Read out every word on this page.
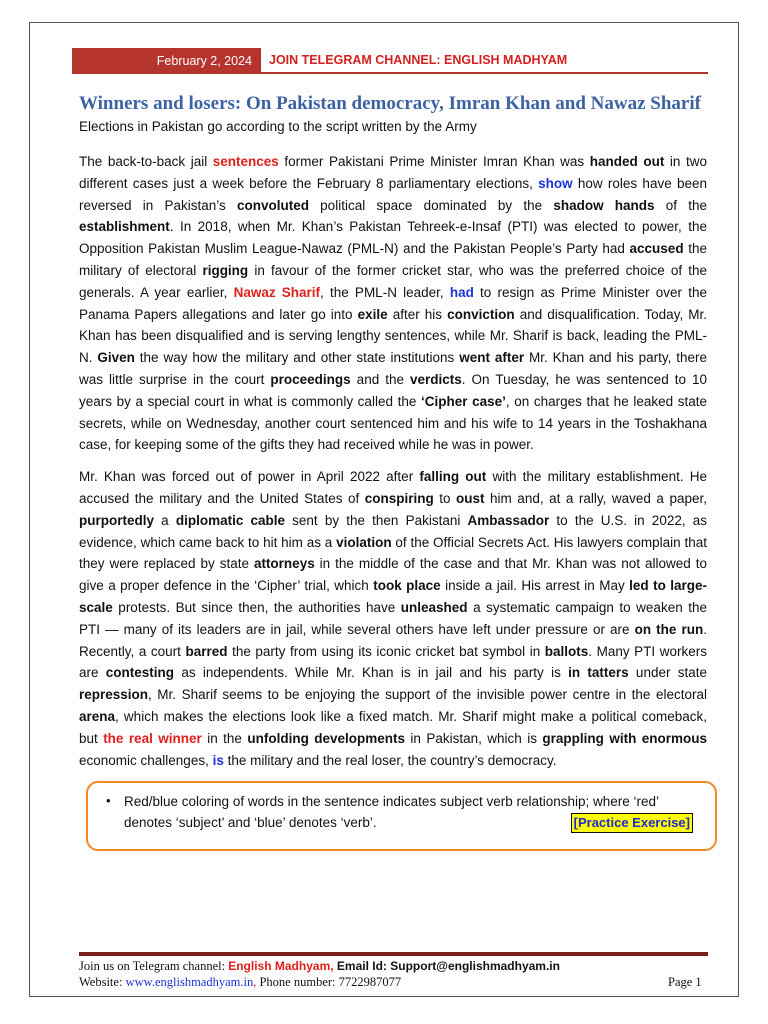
February 2, 2024	JOIN TELEGRAM CHANNEL: ENGLISH MADHYAM
Winners and losers: On Pakistan democracy, Imran Khan and Nawaz Sharif
Elections in Pakistan go according to the script written by the Army

The back-to-back jail sentences former Pakistani Prime Minister Imran Khan was handed out in two different cases just a week before the February 8 parliamentary elections, show how roles have been reversed in Pakistan’s convoluted political space dominated by the shadow hands of the establishment. In 2018, when Mr. Khan’s Pakistan Tehreek-e-Insaf (PTI) was elected to power, the Opposition Pakistan Muslim League-Nawaz (PML-N) and the Pakistan People’s Party had accused the military of electoral rigging in favour of the former cricket star, who was the preferred choice of the generals. A year earlier, Nawaz Sharif, the PML-N leader, had to resign as Prime Minister over the Panama Papers allegations and later go into exile after his conviction and disqualification. Today, Mr. Khan has been disqualified and is serving lengthy sentences, while Mr. Sharif is back, leading the PML-N. Given the way how the military and other state institutions went after Mr. Khan and his party, there was little surprise in the court proceedings and the verdicts. On Tuesday, he was sentenced to 10 years by a special court in what is commonly called the ‘Cipher case’, on charges that he leaked state secrets, while on Wednesday, another court sentenced him and his wife to 14 years in the Toshakhana case, for keeping some of the gifts they had received while he was in power.

Mr. Khan was forced out of power in April 2022 after falling out with the military establishment. He accused the military and the United States of conspiring to oust him and, at a rally, waved a paper, purportedly a diplomatic cable sent by the then Pakistani Ambassador to the U.S. in 2022, as evidence, which came back to hit him as a violation of the Official Secrets Act. His lawyers complain that they were replaced by state attorneys in the middle of the case and that Mr. Khan was not allowed to give a proper defence in the ‘Cipher’ trial, which took place inside a jail. His arrest in May led to large-scale protests. But since then, the authorities have unleashed a systematic campaign to weaken the PTI — many of its leaders are in jail, while several others have left under pressure or are on the run. Recently, a court barred the party from using its iconic cricket bat symbol in ballots. Many PTI workers are contesting as independents. While Mr. Khan is in jail and his party is in tatters under state repression, Mr. Sharif seems to be enjoying the support of the invisible power centre in the electoral arena, which makes the elections look like a fixed match. Mr. Sharif might make a political comeback, but the real winner in the unfolding developments in Pakistan, which is grappling with enormous economic challenges, is the military and the real loser, the country’s democracy.

• Red/blue coloring of words in the sentence indicates subject verb relationship; where ‘red’ denotes ‘subject’ and ‘blue’ denotes ‘verb’.	[Practice Exercise]
Join us on Telegram channel: English Madhyam, Email Id: Support@englishmadhyam.in
Website: www.englishmadhyam.in, Phone number: 7722987077	Page 1
